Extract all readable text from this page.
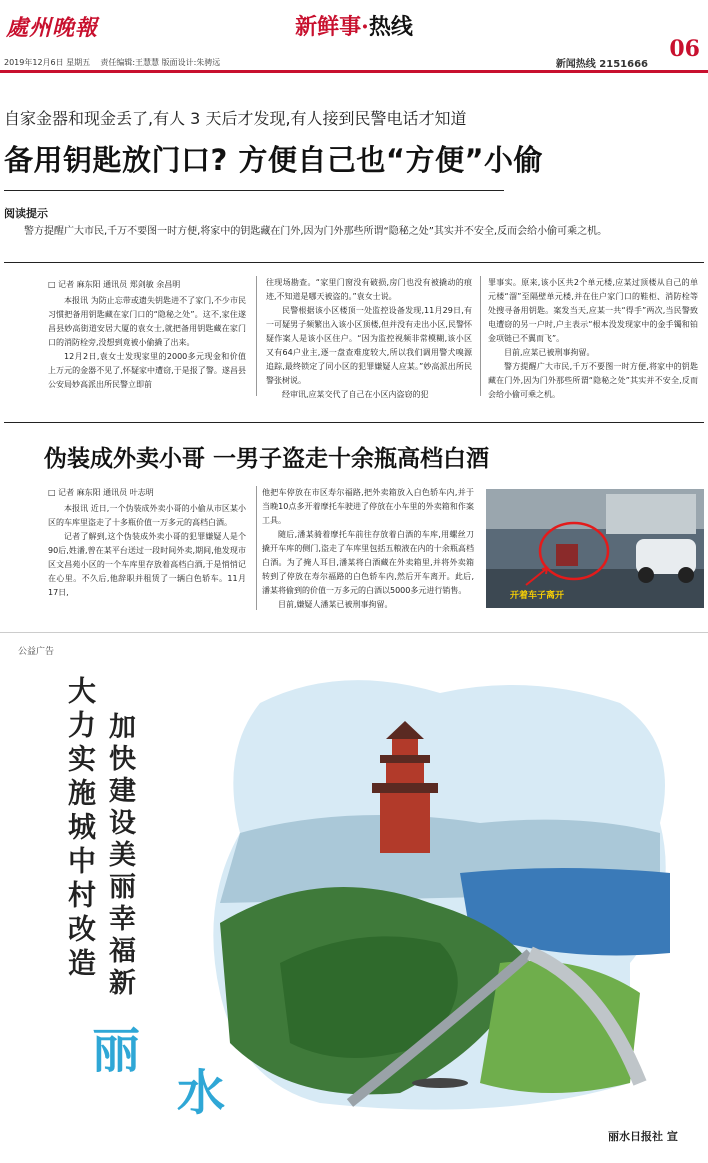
處州晚報	新鲜事·热线
06
2019年12月6日 星期五 责任编辑:王慧慧 版面设计:朱骋远	新闻热线 2151666
自家金器和现金丢了,有人 3 天后才发现,有人接到民警电话才知道
备用钥匙放门口? 方便自己也“方便”小偷
阅读提示
警方提醒广大市民,千万不要图一时方便,将家中的钥匙藏在门外,因为门外那些所谓“隐秘之处”其实并不安全,反而会给小偷可乘之机。
□ 记者 麻东阳 通讯员 郑剑敏 余昌明

本报讯 为防止忘带或遗失钥匙进不了家门,不少市民习惯把备用钥匙藏在家门口的“隐秘之处”。这不,家住遂昌县妙高街道安居大厦的袁女士,就把备用钥匙藏在家门口的消防栓旁,没想到竟被小偷撬了出来。

12月2日,袁女士发现家里的2000多元现金和价值上万元的金器不见了,怀疑家中遭窃,于是报了警。遂昌县公安局妙高派出所民警立即前

往现场勘查。“家里门窗没有破损,房门也没有被撬动的痕迹,不知道是哪天被盗的。”袁女士说。

民警根据该小区楼顶一处监控设备发现,11月29日,有一可疑男子频繁出入该小区顶楼,但并没有走出小区,民警怀疑作案人是该小区住户。“因为监控视频非常模糊,该小区又有64户业主,逐一盘查难度较大,所以我们调用警犬嗅源追踪,最终锁定了同小区的犯罪嫌疑人应某。”妙高派出所民警张树说。

经审讯,应某交代了自己在小区内盗窃的犯

罪事实。原来,该小区共2个单元楼,应某过顶楼从自己的单元楼“溜”至隔壁单元楼,并在住户家门口的鞋柜、消防栓等处搜寻备用钥匙。案发当天,应某一共“得手”两次,当民警致电遭窃的另一户时,户主表示“根本没发现家中的金手镯和铂金项链已不翼而飞”。

目前,应某已被刑事拘留。

警方提醒广大市民,千万不要图一时方便,将家中的钥匙藏在门外,因为门外那些所谓“隐秘之处”其实并不安全,反而会给小偷可乘之机。

伪装成外卖小哥 一男子盗走十余瓶高档白酒
□ 记者 麻东阳 通讯员 叶志明

本报讯 近日,一个伪装成外卖小哥的小偷从市区某小区的车库里盗走了十多瓶价值一万多元的高档白酒。

记者了解到,这个伪装成外卖小哥的犯罪嫌疑人是个90后,姓潘,曾在某平台送过一段时间外卖,期间,他发现市区文昌苑小区的一个车库里存放着高档白酒,于是悄悄记在心里。不久后,他辞职并租赁了一辆白色轿车。11月17日,

他把车停放在市区寿尔福路,把外卖箱放入白色轿车内,并于当晚10点多开着摩托车驶进了停放在小车里的外卖箱和作案工具。

随后,潘某骑着摩托车前往存放着白酒的车库,用螺丝刀撬开车库的侧门,盗走了车库里包括五粮液在内的十余瓶高档白酒。为了掩人耳目,潘某将白酒藏在外卖箱里,并将外卖箱转到了停放在寿尔福路的白色轿车内,然后开车离开。此后,潘某将偷到的价值一万多元的白酒以5000多元进行销售。

目前,嫌疑人潘某已被刑事拘留。

开着车子离开
公益广告
大力实施城中村改造 加快建设美丽幸福新
丽
水
丽水日报社 宣
